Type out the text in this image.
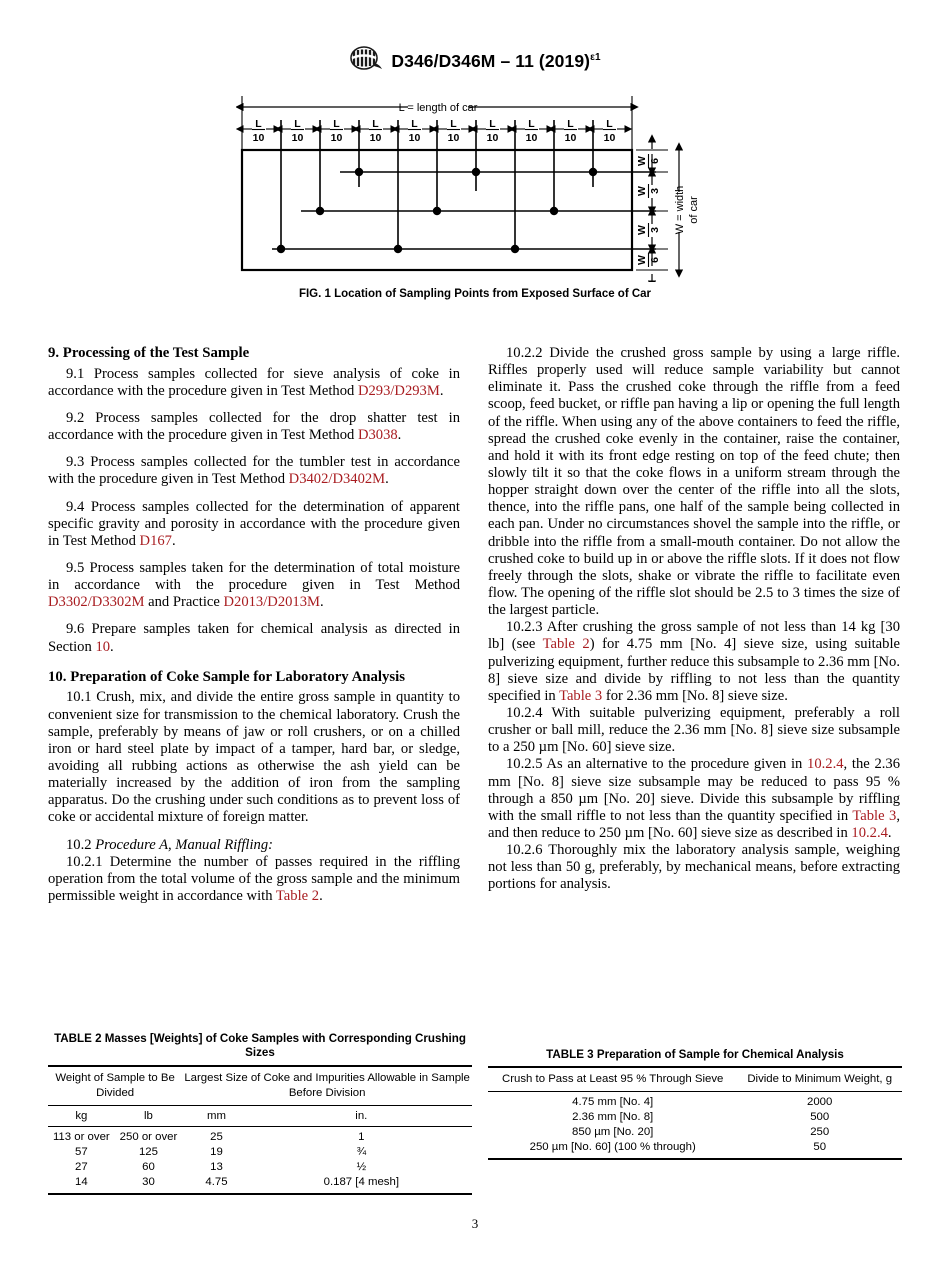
D346/D346M – 11 $(2019)^{\varepsilon 1}$
L = length of car
L
10
L
10
L
10
L
10
L
10
L
10
L
10
L
10
L
10
L
10
W 6
W 3
W 3
W 6
W = width of car
FIG. 1 Location of Sampling Points from Exposed Surface of Car
9. Processing of the Test Sample

9.1 Process samples collected for sieve analysis of coke in accordance with the procedure given in Test Method D293/D293M.

9.2 Process samples collected for the drop shatter test in accordance with the procedure given in Test Method D3038.

9.3 Process samples collected for the tumbler test in accordance with the procedure given in Test Method D3402/D3402M.

9.4 Process samples collected for the determination of apparent specific gravity and porosity in accordance with the procedure given in Test Method D167.

9.5 Process samples taken for the determination of total moisture in accordance with the procedure given in Test Method D3302/D3302M and Practice D2013/D2013M.

9.6 Prepare samples taken for chemical analysis as directed in Section 10.

10. Preparation of Coke Sample for Laboratory Analysis

10.1 Crush, mix, and divide the entire gross sample in quantity to convenient size for transmission to the chemical laboratory. Crush the sample, preferably by means of jaw or roll crushers, or on a chilled iron or hard steel plate by impact of a tamper, hard bar, or sledge, avoiding all rubbing actions as otherwise the ash yield can be materially increased by the addition of iron from the sampling apparatus. Do the crushing under such conditions as to prevent loss of coke or accidental mixture of foreign matter.

10.2 Procedure A, Manual Riffling:

10.2.1 Determine the number of passes required in the riffling operation from the total volume of the gross sample and the minimum permissible weight in accordance with Table 2.

10.2.2 Divide the crushed gross sample by using a large riffle. Riffles properly used will reduce sample variability but cannot eliminate it. Pass the crushed coke through the riffle from a feed scoop, feed bucket, or riffle pan having a lip or opening the full length of the riffle. When using any of the above containers to feed the riffle, spread the crushed coke evenly in the container, raise the container, and hold it with its front edge resting on top of the feed chute; then slowly tilt it so that the coke flows in a uniform stream through the hopper straight down over the center of the riffle into all the slots, thence, into the riffle pans, one half of the sample being collected in each pan. Under no circumstances shovel the sample into the riffle, or dribble into the riffle from a small-mouth container. Do not allow the crushed coke to build up in or above the riffle slots. If it does not flow freely through the slots, shake or vibrate the riffle to facilitate even flow. The opening of the riffle slot should be 2.5 to 3 times the size of the largest particle.

10.2.3 After crushing the gross sample of not less than 14 kg [30 lb] (see Table 2) for 4.75 mm [No. 4] sieve size, using suitable pulverizing equipment, further reduce this subsample to 2.36 mm [No. 8] sieve size and divide by riffling to not less than the quantity specified in Table 3 for 2.36 mm [No. 8] sieve size.

10.2.4 With suitable pulverizing equipment, preferably a roll crusher or ball mill, reduce the 2.36 mm [No. 8] sieve size subsample to a 250 µm [No. 60] sieve size.

10.2.5 As an alternative to the procedure given in 10.2.4, the 2.36 mm [No. 8] sieve size subsample may be reduced to pass 95 % through a 850 µm [No. 20] sieve. Divide this subsample by riffling with the small riffle to not less than the quantity specified in Table 3, and then reduce to 250 µm [No. 60] sieve size as described in 10.2.4.

10.2.6 Thoroughly mix the laboratory analysis sample, weighing not less than 50 g, preferably, by mechanical means, before extracting portions for analysis.

TABLE 2 Masses [Weights] of Coke Samples with Corresponding Crushing Sizes
Weight of Sample to Be Divided		Largest Size of Coke and Impurities Allowable in Sample Before Division	
kg	lb	mm	in.
113 or over	250 or over	25	1
57	125	19	¾
27	60	13	½
14	30	4.75	0.187 [4 mesh]
TABLE 3 Preparation of Sample for Chemical Analysis
Crush to Pass at Least 95 % Through Sieve	Divide to Minimum Weight, g
4.75 mm [No. 4]	2000
2.36 mm [No. 8]	500
850 µm [No. 20]	250
250 µm [No. 60] (100 % through)	50
3
